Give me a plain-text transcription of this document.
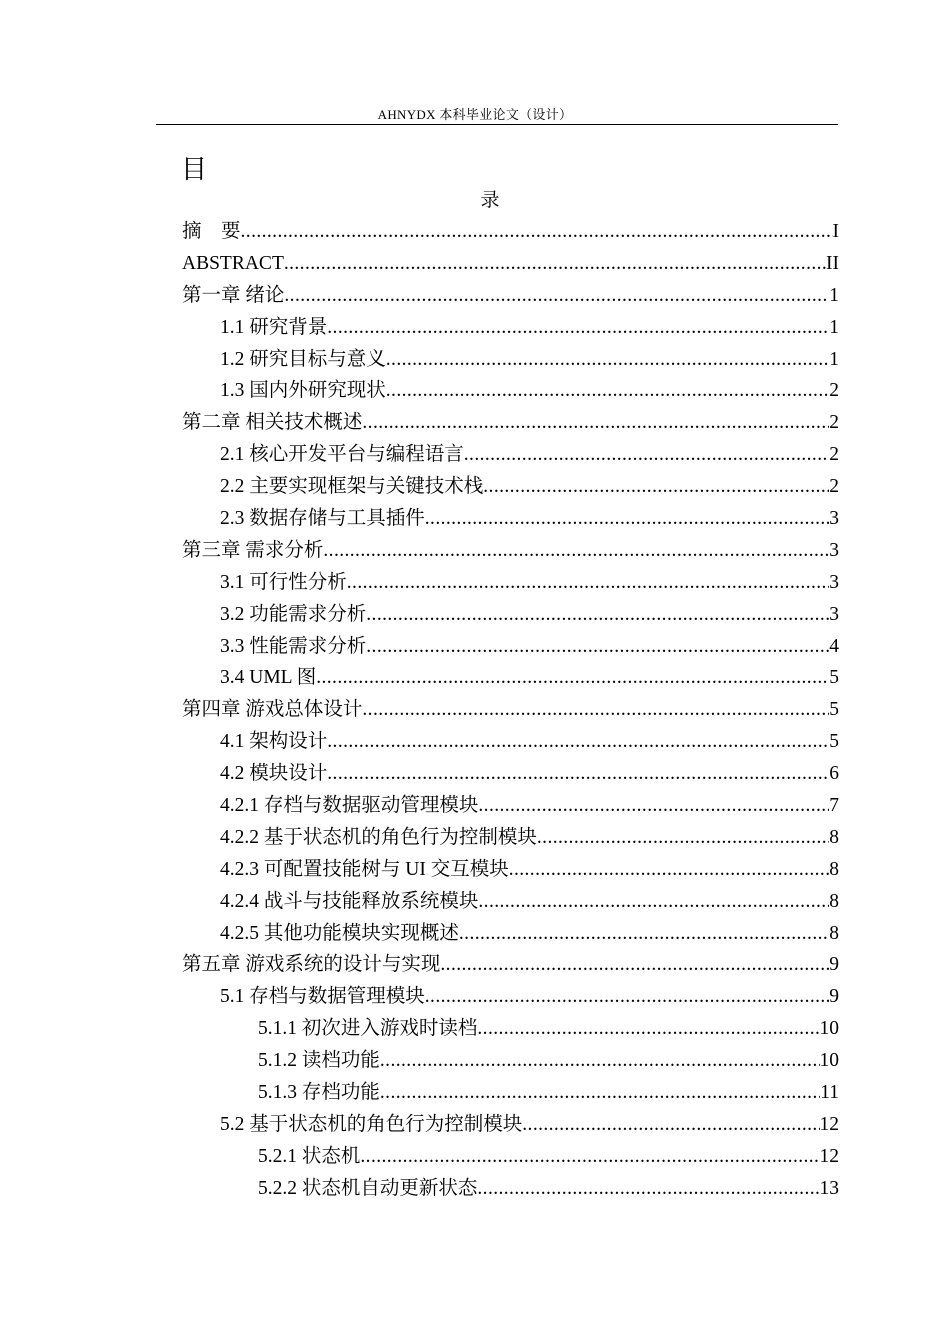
AHNYDX 本科毕业论文（设计）
目
录
摘　要 .....	I
ABSTRACT .....	II
第一章 绪论 .....	1
1.1 研究背景 .....	1
1.2 研究目标与意义 .....	1
1.3 国内外研究现状 .....	2
第二章 相关技术概述 .....	2
2.1 核心开发平台与编程语言 .....	2
2.2 主要实现框架与关键技术栈 .....	2
2.3 数据存储与工具插件 .....	3
第三章 需求分析 .....	3
3.1 可行性分析 .....	3
3.2 功能需求分析 .....	3
3.3 性能需求分析 .....	4
3.4 UML 图 .....	5
第四章 游戏总体设计 .....	5
4.1 架构设计 .....	5
4.2 模块设计 .....	6
4.2.1 存档与数据驱动管理模块 .....	7
4.2.2 基于状态机的角色行为控制模块 .....	8
4.2.3 可配置技能树与 UI 交互模块 .....	8
4.2.4 战斗与技能释放系统模块 .....	8
4.2.5 其他功能模块实现概述 .....	8
第五章 游戏系统的设计与实现 .....	9
5.1 存档与数据管理模块 .....	9
5.1.1 初次进入游戏时读档 .....	10
5.1.2 读档功能 .....	10
5.1.3 存档功能 .....	11
5.2 基于状态机的角色行为控制模块 .....	12
5.2.1 状态机 .....	12
5.2.2 状态机自动更新状态 .....	13
